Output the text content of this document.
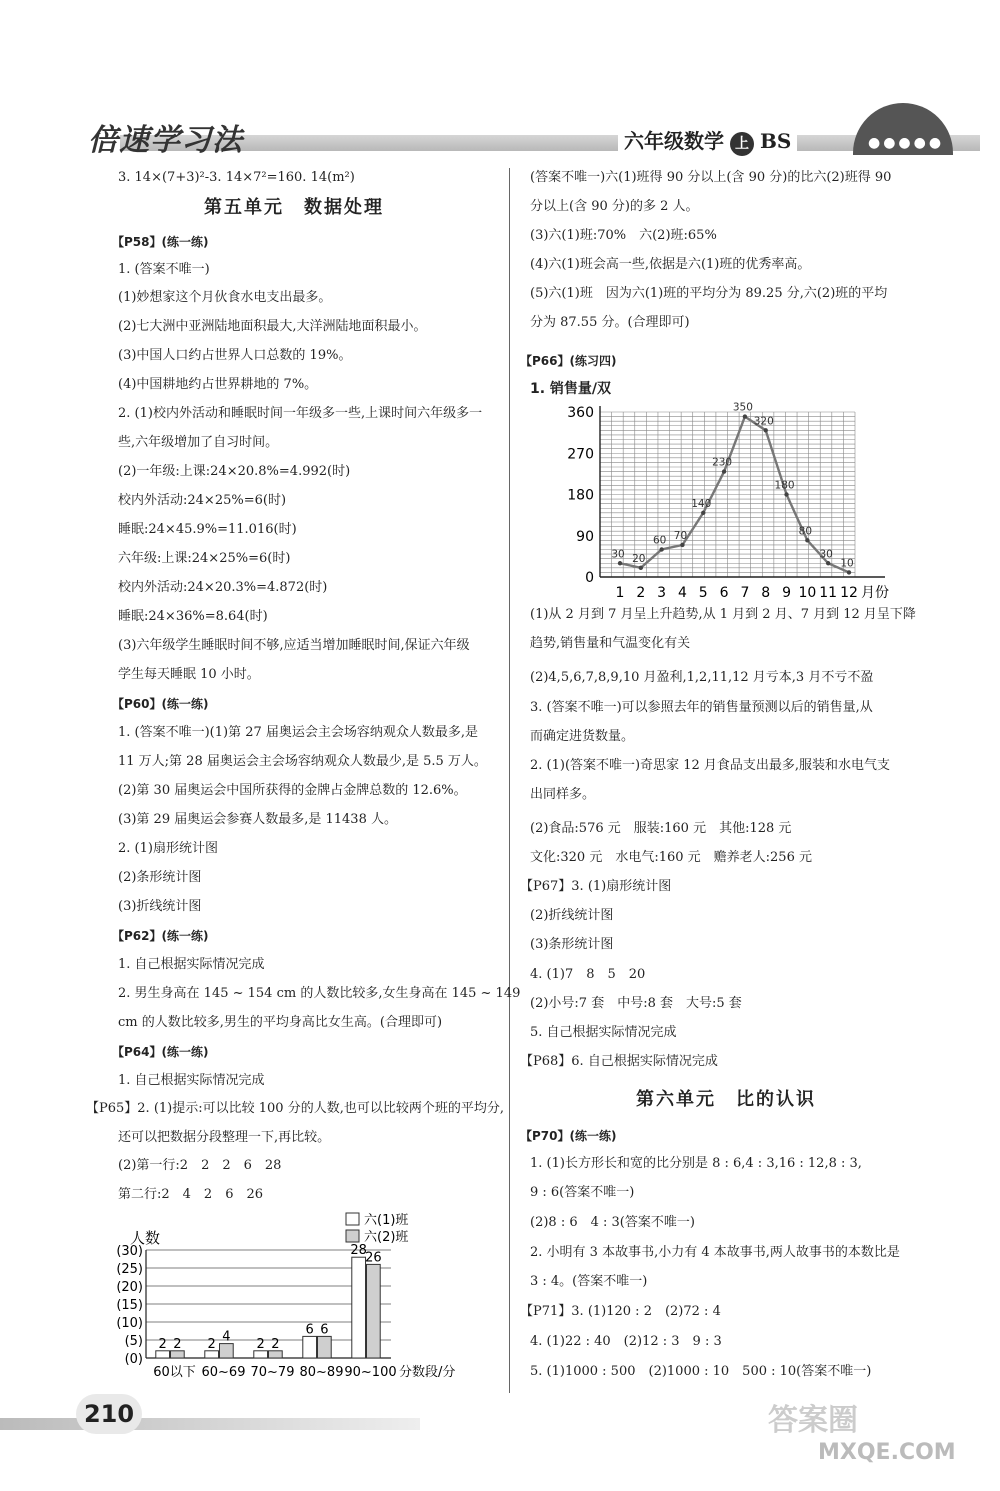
倍速学习法	六年级数学 上 BS	●●●●●

3. 14×(7+3)²-3. 14×7²=160. 14(m²)

第五单元　数据处理

【P58】(练一练)

1. (答案不唯一)

(1)妙想家这个月伙食水电支出最多。

(2)七大洲中亚洲陆地面积最大,大洋洲陆地面积最小。

(3)中国人口约占世界人口总数的 19%。

(4)中国耕地约占世界耕地的 7%。

2. (1)校内外活动和睡眠时间一年级多一些,上课时间六年级多一

些,六年级增加了自习时间。

(2)一年级:上课:24×20.8%=4.992(时)

校内外活动:24×25%=6(时)

睡眠:24×45.9%=11.016(时)

六年级:上课:24×25%=6(时)

校内外活动:24×20.3%=4.872(时)

睡眠:24×36%=8.64(时)

(3)六年级学生睡眠时间不够,应适当增加睡眠时间,保证六年级

学生每天睡眠 10 小时。

【P60】(练一练)

1. (答案不唯一)(1)第 27 届奥运会主会场容纳观众人数最多,是

11 万人;第 28 届奥运会主会场容纳观众人数最少,是 5.5 万人。

(2)第 30 届奥运会中国所获得的金牌占金牌总数的 12.6%。

(3)第 29 届奥运会参赛人数最多,是 11438 人。

2. (1)扇形统计图

(2)条形统计图

(3)折线统计图

【P62】(练一练)

1. 自己根据实际情况完成

2. 男生身高在 145 ~ 154 cm 的人数比较多,女生身高在 145 ~ 149

cm 的人数比较多,男生的平均身高比女生高。(合理即可)

【P64】(练一练)

1. 自己根据实际情况完成

【P65】2. (1)提示:可以比较 100 分的人数,也可以比较两个班的平均分,

还可以把数据分段整理一下,再比较。

(2)第一行:2　2　2　6　28

第二行:2　4　2　6　26

人数
(0)
(5)
(10)
(15)
(20)
(25)
(30)
2 2
60以下
2 4
60~69
2 2
70~79
6 6
80~89
28
26
90~100 分数段/分
六(1)班
六(2)班

(答案不唯一)六(1)班得 90 分以上(含 90 分)的比六(2)班得 90

分以上(含 90 分)的多 2 人。

(3)六(1)班:70%　六(2)班:65%

(4)六(1)班会高一些,依据是六(1)班的优秀率高。

(5)六(1)班　因为六(1)班的平均分为 89.25 分,六(2)班的平均

分为 87.55 分。(合理即可)

【P66】(练习四)

1. 销售量/双

(1)从 2 月到 7 月呈上升趋势,从 1 月到 2 月、7 月到 12 月呈下降

趋势,销售量和气温变化有关

(2)4,5,6,7,8,9,10 月盈利,1,2,11,12 月亏本,3 月不亏不盈

3. (答案不唯一)可以参照去年的销售量预测以后的销售量,从

而确定进货数量。

2. (1)(答案不唯一)奇思家 12 月食品支出最多,服装和水电气支

出同样多。

(2)食品:576 元　服装:160 元　其他:128 元

文化:320 元　水电气:160 元　赡养老人:256 元

【P67】3. (1)扇形统计图

(2)折线统计图

(3)条形统计图

4. (1)7　8　5　20

(2)小号:7 套　中号:8 套　大号:5 套

5. 自己根据实际情况完成

【P68】6. 自己根据实际情况完成

第六单元　比的认识

【P70】(练一练)

1. (1)长方形长和宽的比分别是 8 : 6,4 : 3,16 : 12,8 : 3,

9 : 6(答案不唯一)

(2)8 : 6　4 : 3(答案不唯一)

2. 小明有 3 本故事书,小力有 4 本故事书,两人故事书的本数比是

3 : 4。(答案不唯一)

【P71】3. (1)120 : 2　(2)72 : 4

4. (1)22 : 40　(2)12 : 3　9 : 3

5. (1)1000 : 500　(2)1000 : 10　500 : 10(答案不唯一)

0
90
180
270
360
1 2 3 4 5 6 7 8 9 10 11 12 月份
30 20
60 70
140
230
350
320
180
80
30
10
210	答案圈
MXQE.COM
